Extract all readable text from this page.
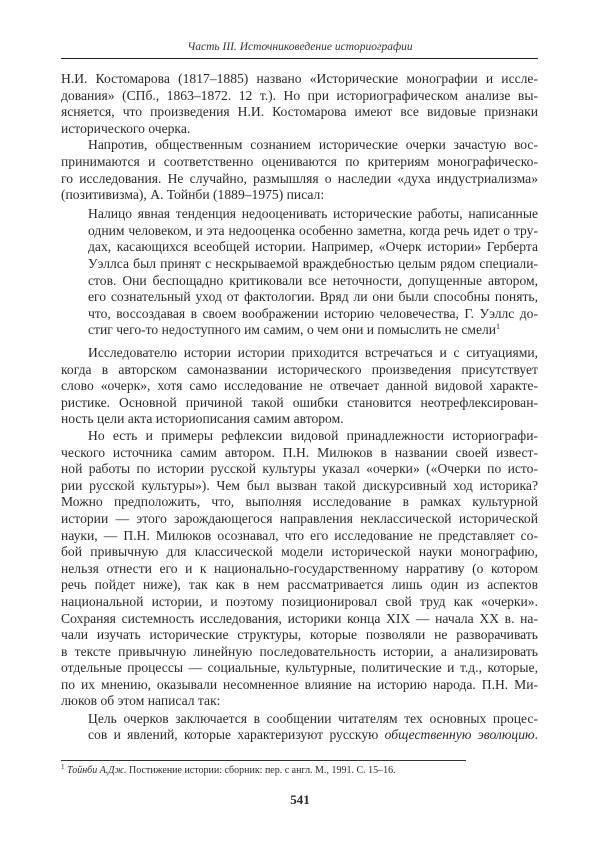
Часть III. Источниковедение историографии
Н.И. Костомарова (1817–1885) названо «Исторические монографии и иссле-
дования» (СПб., 1863–1872. 12 т.). Но при историографическом анализе вы-
ясняется, что произведения Н.И. Костомарова имеют все видовые признаки
исторического очерка.
Напротив, общественным сознанием исторические очерки зачастую вос-
принимаются и соответственно оцениваются по критериям монографическо-
го исследования. Не случайно, размышляя о наследии «духа индустриализма»
(позитивизма), А. Тойнби (1889–1975) писал:
Налицо явная тенденция недооценивать исторические работы, написанные
одним человеком, и эта недооценка особенно заметна, когда речь идет о тру-
дах, касающихся всеобщей истории. Например, «Очерк истории» Герберта
Уэллса был принят с нескрываемой враждебностью целым рядом специали-
стов. Они беспощадно критиковали все неточности, допущенные автором,
его сознательный уход от фактологии. Вряд ли они были способны понять,
что, воссоздавая в своем воображении историю человечества, Г. Уэллс до-
стиг чего-то недоступного им самим, о чем они и помыслить не смели$^1$
Исследователю истории истории приходится встречаться и с ситуациями,
когда в авторском самоназвании исторического произведения присутствует
слово «очерк», хотя само исследование не отвечает данной видовой характе-
ристике. Основной причиной такой ошибки становится неотрефлексирован-
ность цели акта историописания самим автором.
Но есть и примеры рефлексии видовой принадлежности историографи-
ческого источника самим автором. П.Н. Милюков в названии своей извест-
ной работы по истории русской культуры указал «очерки» («Очерки по исто-
рии русской культуры»). Чем был вызван такой дискурсивный ход историка?
Можно предположить, что, выполняя исследование в рамках культурной
истории — этого зарождающегося направления неклассической исторической
науки, — П.Н. Милюков осознавал, что его исследование не представляет со-
бой привычную для классической модели исторической науки монографию,
нельзя отнести его и к национально-государственному нарративу (о котором
речь пойдет ниже), так как в нем рассматривается лишь один из аспектов
национальной истории, и поэтому позиционировал свой труд как «очерки».
Сохраняя системность исследования, историки конца XIX — начала XX в. на-
чали изучать исторические структуры, которые позволяли не разворачивать
в тексте привычную линейную последовательность истории, а анализировать
отдельные процессы — социальные, культурные, политические и т.д., которые,
по их мнению, оказывали несомненное влияние на историю народа. П.Н. Ми-
люков об этом написал так:
Цель очерков заключается в сообщении читателям тех основных процес-
сов и явлений, которые характеризуют русскую общественную эволюцию.
$^1$ Тойнби А.Дж. Постижение истории: сборник: пер. с англ. М., 1991. С. 15–16.
541
